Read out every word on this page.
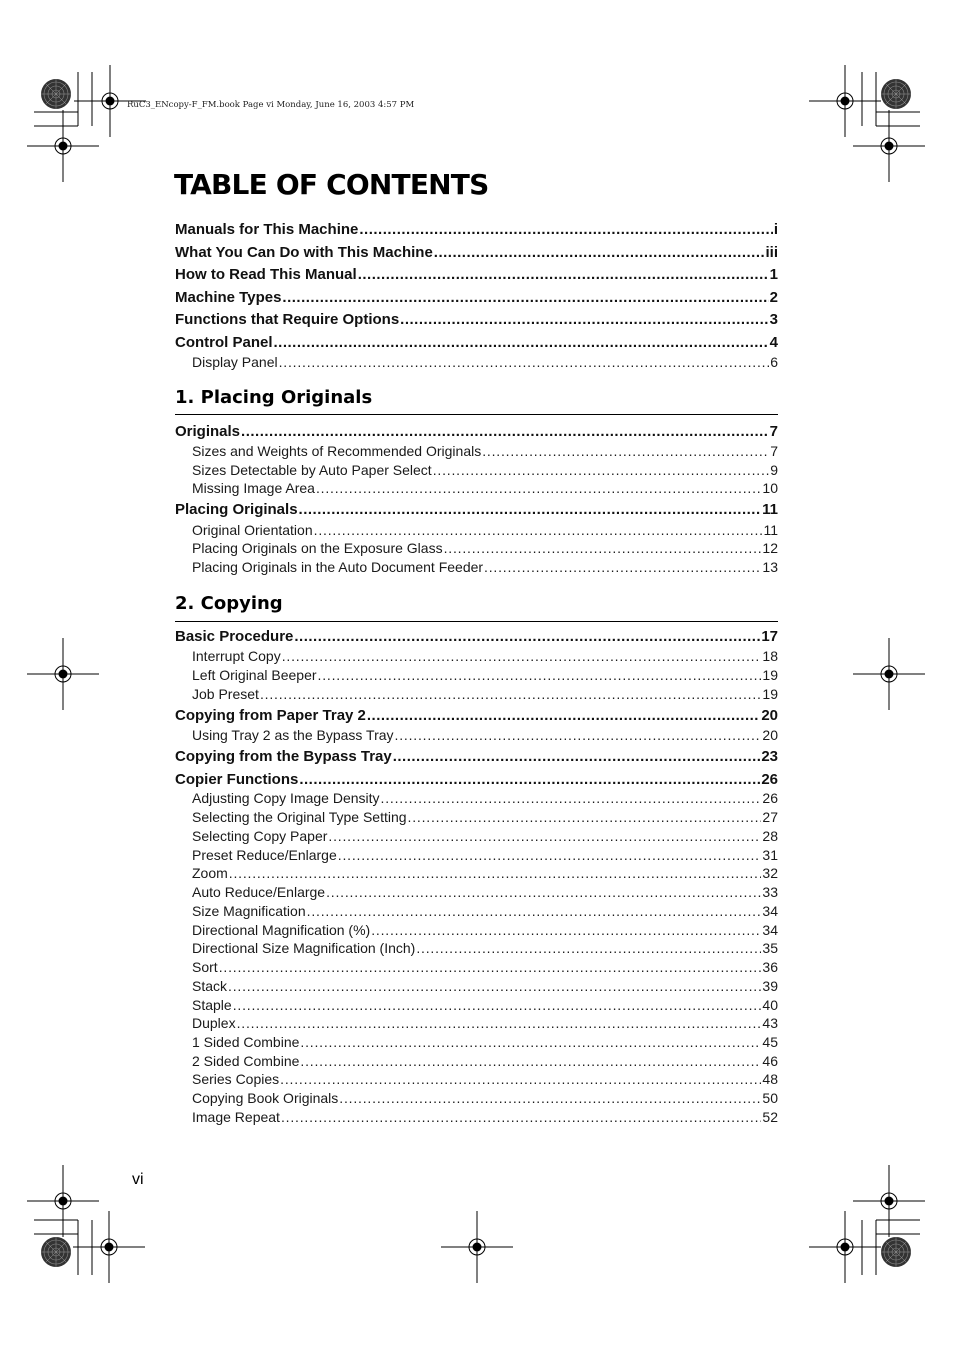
RuC3_ENcopy-F_FM.book Page vi Monday, June 16, 2003 4:57 PM
TABLE OF CONTENTS
Manuals for This Machine .....	i
What You Can Do with This Machine .....	iii
How to Read This Manual .....	1
Machine Types .....	2
Functions that Require Options .....	3
Control Panel .....	4
Display Panel .....	6
1. Placing Originals
Originals .....	7
Sizes and Weights of Recommended Originals .....	7
Sizes Detectable by Auto Paper Select .....	9
Missing Image Area .....	10
Placing Originals .....	11
Original Orientation .....	11
Placing Originals on the Exposure Glass .....	12
Placing Originals in the Auto Document Feeder .....	13
2. Copying
Basic Procedure .....	17
Interrupt Copy .....	18
Left Original Beeper .....	19
Job Preset .....	19
Copying from Paper Tray 2 .....	20
Using Tray 2 as the Bypass Tray .....	20
Copying from the Bypass Tray .....	23
Copier Functions .....	26
Adjusting Copy Image Density .....	26
Selecting the Original Type Setting .....	27
Selecting Copy Paper .....	28
Preset Reduce/Enlarge .....	31
Zoom .....	32
Auto Reduce/Enlarge .....	33
Size Magnification .....	34
Directional Magnification (%) .....	34
Directional Size Magnification (Inch) .....	35
Sort .....	36
Stack .....	39
Staple .....	40
Duplex .....	43
1 Sided Combine .....	45
2 Sided Combine .....	46
Series Copies .....	48
Copying Book Originals .....	50
Image Repeat .....	52
vi
